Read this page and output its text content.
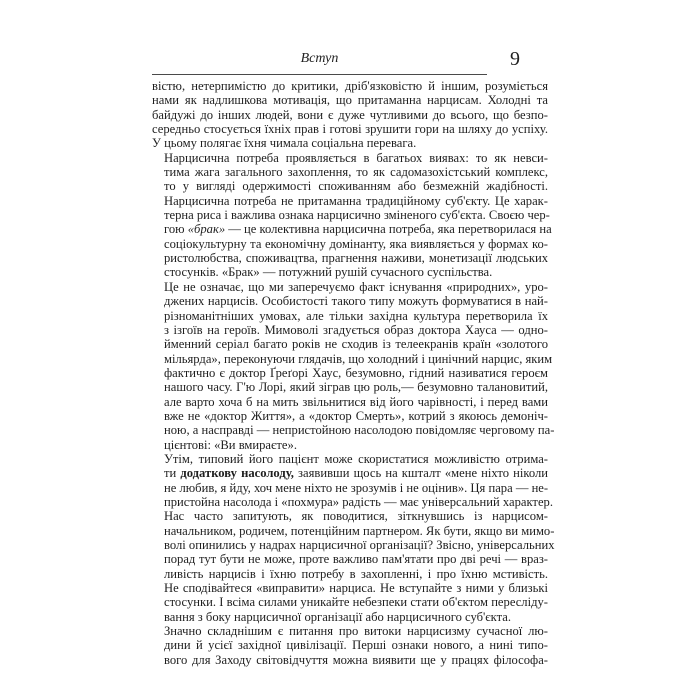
Вступ	9

вістю, нетерпимістю до критики, дріб'язковістю й іншим, розуміється
нами як надлишкова мотивація, що притаманна нарцисам. Холодні та
байдужі до інших людей, вони є дуже чутливими до всього, що безпо-
середньо стосується їхніх прав і готові зрушити гори на шляху до успіху.
У цьому полягає їхня чимала соціальна перевага.

Нарцисична потреба проявляється в багатьох виявах: то як невси-
тима жага загального захоплення, то як садомазохістський комплекс,
то у вигляді одержимості споживанням або безмежній жадібності.
Нарцисична потреба не притаманна традиційному суб'єкту. Це харак-
терна риса і важлива ознака нарцисично зміненого суб'єкта. Своєю чер-
гою «брак» — це колективна нарцисична потреба, яка перетворилася на
соціокультурну та економічну домінанту, яка виявляється у формах ко-
ристолюбства, споживацтва, прагнення наживи, монетизації людських
стосунків. «Брак» — потужний рушій сучасного суспільства.

Це не означає, що ми заперечуємо факт існування «природних», уро-
джених нарцисів. Особистості такого типу можуть формуватися в най-
різноманітніших умовах, але тільки західна культура перетворила їх
з ізгоїв на героїв. Мимоволі згадується образ доктора Хауса — одно-
йменний серіал багато років не сходив із телеекранів країн «золотого
мільярда», переконуючи глядачів, що холодний і цинічний нарцис, яким
фактично є доктор Ґреґорі Хаус, безумовно, гідний називатися героєм
нашого часу. Г'ю Лорі, який зіграв цю роль,— безумовно талановитий,
але варто хоча б на мить звільнитися від його чарівності, і перед вами
вже не «доктор Життя», а «доктор Смерть», котрий з якоюсь демоніч-
ною, а насправді — непристойною насолодою повідомляє черговому па-
цієнтові: «Ви вмираєте».

Утім, типовий його пацієнт може скористатися можливістю отрима-
ти додаткову насолоду, заявивши щось на кшталт «мене ніхто ніколи
не любив, я йду, хоч мене ніхто не зрозумів і не оцінив». Ця пара — не-
пристойна насолода і «похмура» радість — має універсальний характер.

Нас часто запитують, як поводитися, зіткнувшись із нарцисом-
начальником, родичем, потенційним партнером. Як бути, якщо ви мимо-
волі опинились у надрах нарцисичної організації? Звісно, універсальних
порад тут бути не може, проте важливо пам'ятати про дві речі — враз-
ливість нарцисів і їхню потребу в захопленні, і про їхню мстивість.
Не сподівайтеся «виправити» нарциса. Не вступайте з ними у близькі
стосунки. І всіма силами уникайте небезпеки стати об'єктом пересліду-
вання з боку нарцисичної організації або нарцисичного суб'єкта.

Значно складнішим є питання про витоки нарцисизму сучасної лю-
дини й усієї західної цивілізації. Перші ознаки нового, а нині типо-
вого для Заходу світовідчуття можна виявити ще у працях філософа-
